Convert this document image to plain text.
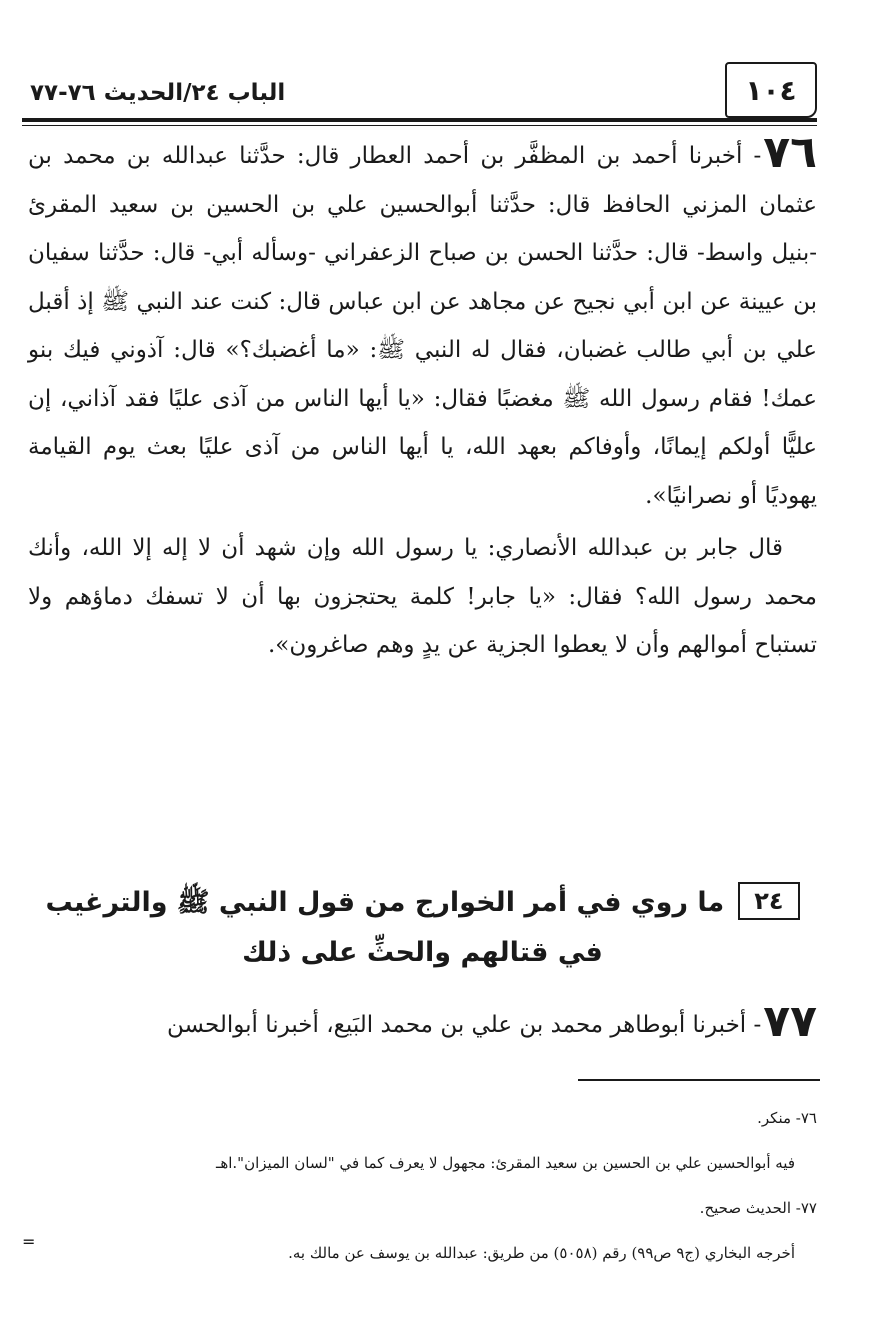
١٠٤
الباب ٢٤/الحديث ٧٦-٧٧

٧٦- أخبرنا أحمد بن المظفَّر بن أحمد العطار قال: حدَّثنا عبدالله بن محمد بن عثمان المزني الحافظ قال: حدَّثنا أبوالحسين علي بن الحسين بن سعيد المقرئ -بنيل واسط- قال: حدَّثنا الحسن بن صباح الزعفراني -وسأله أبي- قال: حدَّثنا سفيان بن عيينة عن ابن أبي نجيح عن مجاهد عن ابن عباس قال: كنت عند النبي ﷺ إذ أقبل علي بن أبي طالب غضبان، فقال له النبي ﷺ: «ما أغضبك؟» قال: آذوني فيك بنو عمك! فقام رسول الله ﷺ مغضبًا فقال: «يا أيها الناس من آذى عليًا فقد آذاني، إن عليًّا أولكم إيمانًا، وأوفاكم بعهد الله، يا أيها الناس من آذى عليًا بعث يوم القيامة يهوديًا أو نصرانيًا».

قال جابر بن عبدالله الأنصاري: يا رسول الله وإن شهد أن لا إله إلا الله، وأنك محمد رسول الله؟ فقال: «يا جابر! كلمة يحتجزون بها أن لا تسفك دماؤهم ولا تستباح أموالهم وأن لا يعطوا الجزية عن يدٍ وهم صاغرون».

٢٤ما روي في أمر الخوارج من قول النبي ﷺ والترغيب في قتالهم والحثِّ على ذلك
٧٧- أخبرنا أبوطاهر محمد بن علي بن محمد البَيع، أخبرنا أبوالحسن
٧٦- منكر.
فيه أبوالحسين علي بن الحسين بن سعيد المقرئ: مجهول لا يعرف كما في "لسان الميزان".اهـ
٧٧- الحديث صحيح.
أخرجه البخاري (ج٩ ص٩٩) رقم (٥٠٥٨) من طريق: عبدالله بن يوسف عن مالك به.
=
